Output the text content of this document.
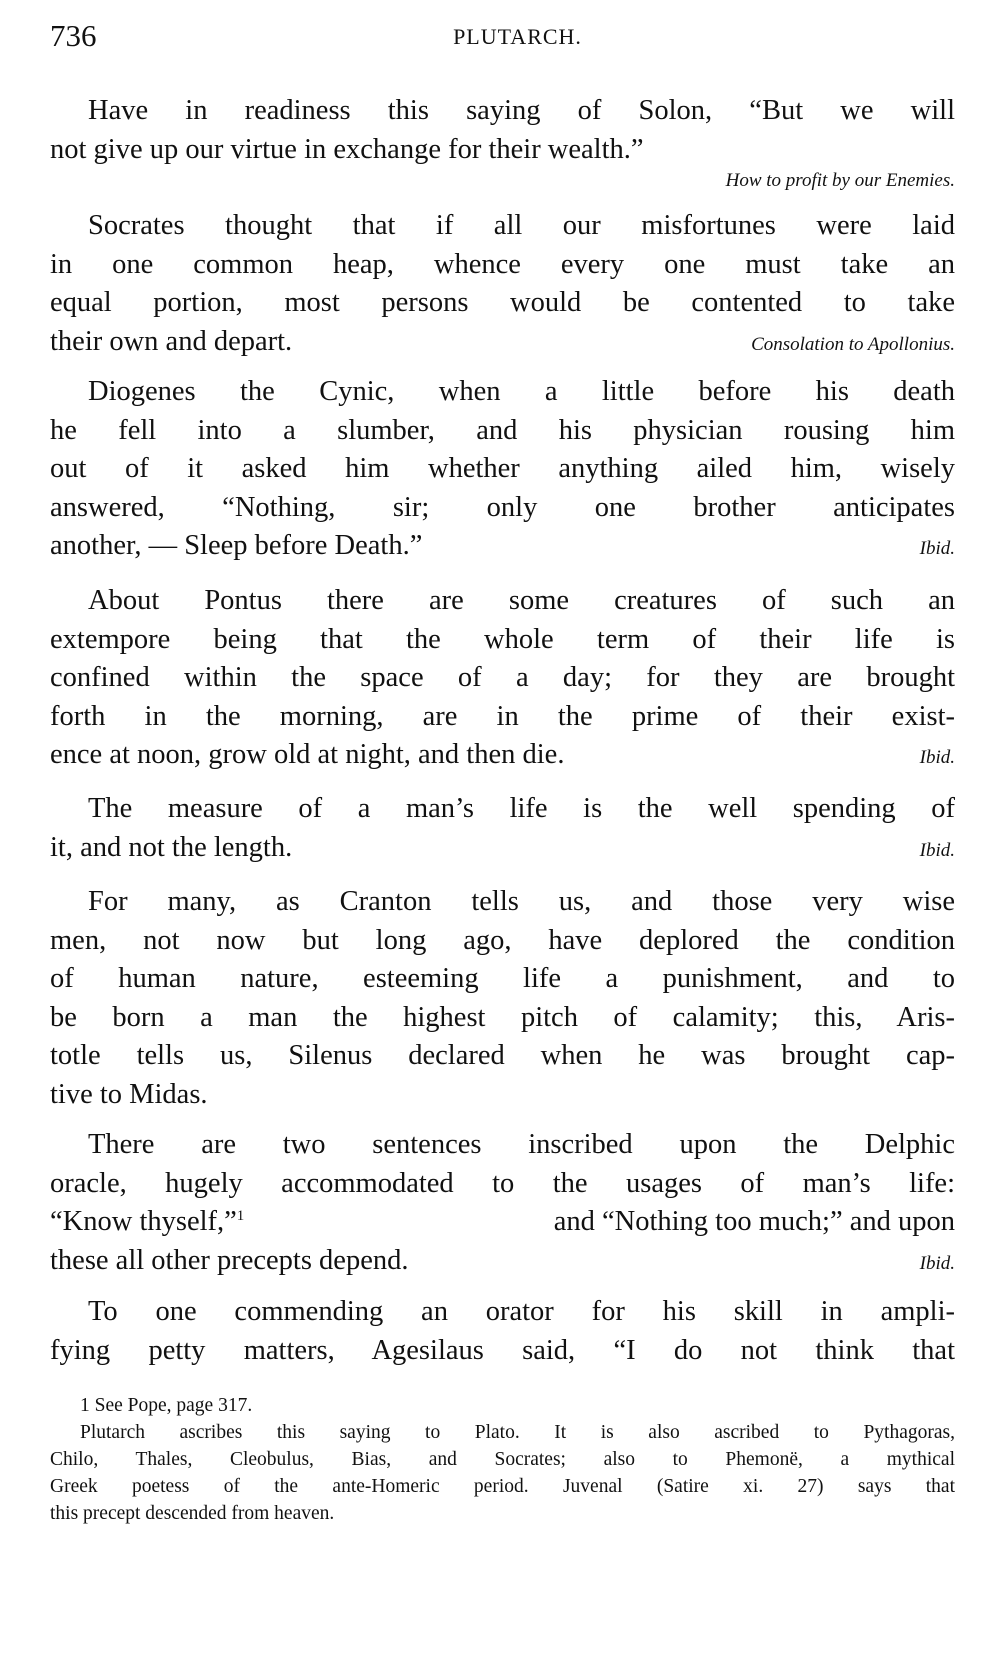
736	PLUTARCH.
Have in readiness this saying of Solon, “But we will
not give up our virtue in exchange for their wealth.”
How to profit by our Enemies.
Socrates thought that if all our misfortunes were laid
in one common heap, whence every one must take an
equal portion, most persons would be contented to take
their own and depart.	Consolation to Apollonius.
Diogenes the Cynic, when a little before his death
he fell into a slumber, and his physician rousing him
out of it asked him whether anything ailed him, wisely
answered, “Nothing, sir; only one brother anticipates
another, — Sleep before Death.”	Ibid.
About Pontus there are some creatures of such an
extempore being that the whole term of their life is
confined within the space of a day; for they are brought
forth in the morning, are in the prime of their exist-
ence at noon, grow old at night, and then die.	Ibid.
The measure of a man’s life is the well spending of
it, and not the length.	Ibid.
For many, as Cranton tells us, and those very wise
men, not now but long ago, have deplored the condition
of human nature, esteeming life a punishment, and to
be born a man the highest pitch of calamity; this, Aris-
totle tells us, Silenus declared when he was brought cap-
tive to Midas.
There are two sentences inscribed upon the Delphic
oracle, hugely accommodated to the usages of man’s life:
“Know thyself,”$^1$	and “Nothing too much;” and upon
these all other precepts depend.	Ibid.
To one commending an orator for his skill in ampli-
fying petty matters, Agesilaus said, “I do not think that
1 See Pope, page 317.
Plutarch ascribes this saying to Plato. It is also ascribed to Pythagoras,
Chilo, Thales, Cleobulus, Bias, and Socrates; also to Phemonë, a mythical
Greek poetess of the ante-Homeric period. Juvenal (Satire xi. 27) says that
this precept descended from heaven.
